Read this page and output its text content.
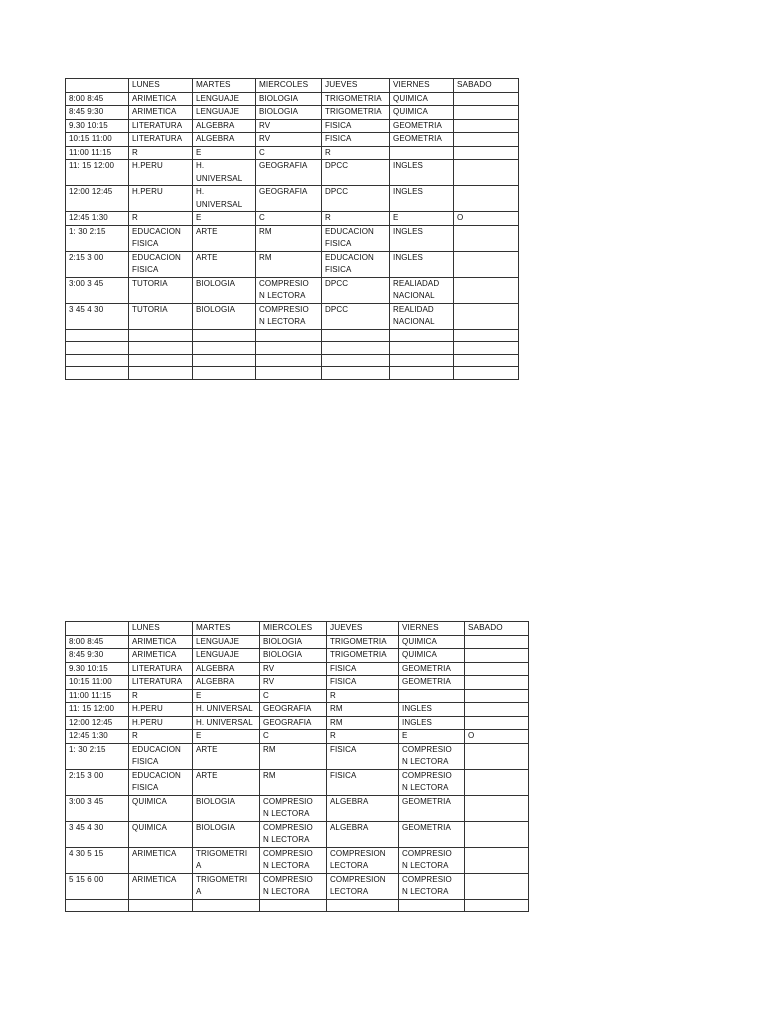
	LUNES	MARTES	MIERCOLES	JUEVES	VIERNES	SABADO
8:00 8:45	ARIMETICA	LENGUAJE	BIOLOGIA	TRIGOMETRIA	QUIMICA	
8:45 9:30	ARIMETICA	LENGUAJE	BIOLOGIA	TRIGOMETRIA	QUIMICA	
9.30 10:15	LITERATURA	ALGEBRA	RV	FISICA	GEOMETRIA	
10:15 11:00	LITERATURA	ALGEBRA	RV	FISICA	GEOMETRIA	
11:00 11:15	R	E	C	R		
11: 15 12:00	H.PERU	H.
UNIVERSAL	GEOGRAFIA	DPCC	INGLES	
12:00 12:45	H.PERU	H.
UNIVERSAL	GEOGRAFIA	DPCC	INGLES	
12:45 1:30	R	E	C	R	E	O
1: 30 2:15	EDUCACION
FISICA	ARTE	RM	EDUCACION
FISICA	INGLES	
2:15 3 00	EDUCACION
FISICA	ARTE	RM	EDUCACION
FISICA	INGLES	
3:00 3 45	TUTORIA	BIOLOGIA	COMPRESIO
N LECTORA	DPCC	REALIADAD
NACIONAL	
3 45 4 30	TUTORIA	BIOLOGIA	COMPRESIO
N LECTORA	DPCC	REALIDAD
NACIONAL	

	LUNES	MARTES	MIERCOLES	JUEVES	VIERNES	SABADO
8:00 8:45	ARIMETICA	LENGUAJE	BIOLOGIA	TRIGOMETRIA	QUIMICA	
8:45 9:30	ARIMETICA	LENGUAJE	BIOLOGIA	TRIGOMETRIA	QUIMICA	
9.30 10:15	LITERATURA	ALGEBRA	RV	FISICA	GEOMETRIA	
10:15 11:00	LITERATURA	ALGEBRA	RV	FISICA	GEOMETRIA	
11:00 11:15	R	E	C	R		
11: 15 12:00	H.PERU	H. UNIVERSAL	GEOGRAFIA	RM	INGLES	
12:00 12:45	H.PERU	H. UNIVERSAL	GEOGRAFIA	RM	INGLES	
12:45 1:30	R	E	C	R	E	O
1: 30 2:15	EDUCACION
FISICA	ARTE	RM	FISICA	COMPRESIO
N LECTORA	
2:15 3 00	EDUCACION
FISICA	ARTE	RM	FISICA	COMPRESIO
N LECTORA	
3:00 3 45	QUIMICA	BIOLOGIA	COMPRESIO
N LECTORA	ALGEBRA	GEOMETRIA	
3 45 4 30	QUIMICA	BIOLOGIA	COMPRESIO
N LECTORA	ALGEBRA	GEOMETRIA	
4 30 5 15	ARIMETICA	TRIGOMETRI
A	COMPRESIO
N LECTORA	COMPRESION
LECTORA	COMPRESIO
N LECTORA	
5 15 6 00	ARIMETICA	TRIGOMETRI
A	COMPRESIO
N LECTORA	COMPRESION
LECTORA	COMPRESIO
N LECTORA	
